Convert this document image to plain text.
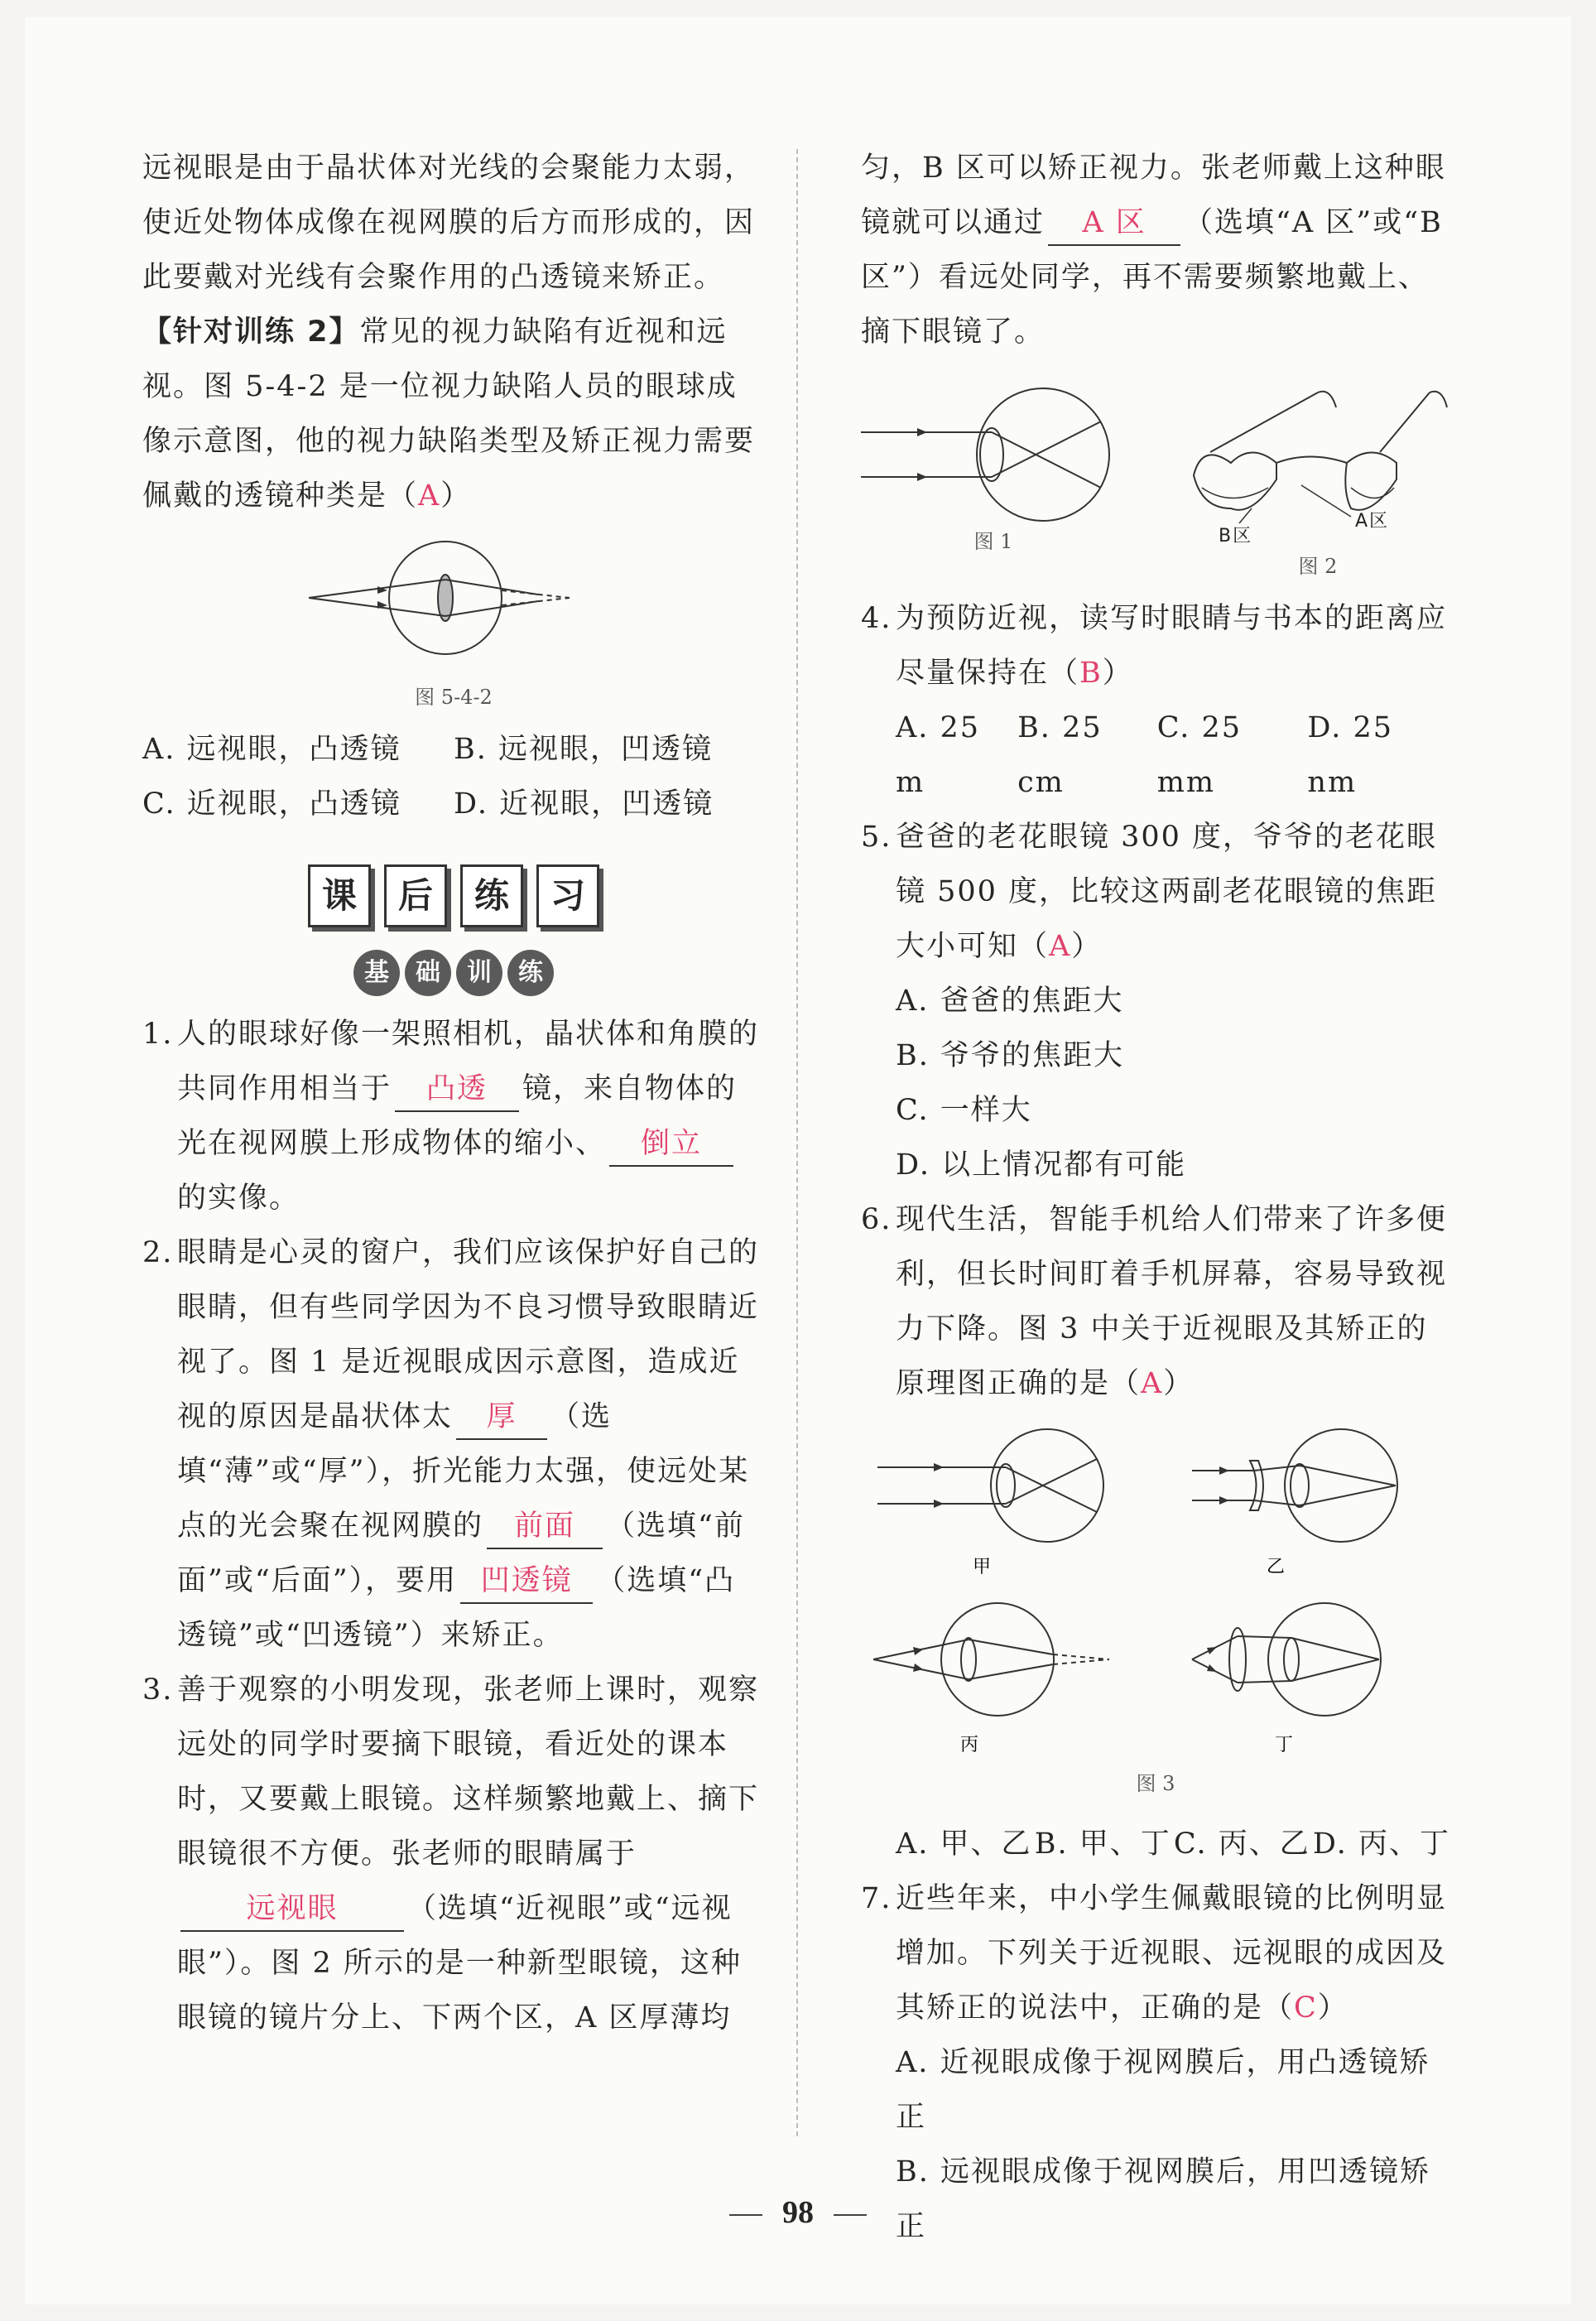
远视眼是由于晶状体对光线的会聚能力太弱，使近处物体成像在视网膜的后方而形成的，因此要戴对光线有会聚作用的凸透镜来矫正。

【针对训练 2】常见的视力缺陷有近视和远视。图 5-4-2 是一位视力缺陷人员的眼球成像示意图，他的视力缺陷类型及矫正视力需要佩戴的透镜种类是（A）

图 5-4-2
A. 远视眼，凸透镜	B. 远视眼，凹透镜
C. 近视眼，凸透镜	D. 近视眼，凹透镜
课 后 练 习
基 础 训 练

1. 人的眼球好像一架照相机，晶状体和角膜的共同作用相当于 凸透 镜，来自物体的光在视网膜上形成物体的缩小、 倒立的实像。

2. 眼睛是心灵的窗户，我们应该保护好自己的眼睛，但有些同学因为不良习惯导致眼睛近视了。图 1 是近视眼成因示意图，造成近视的原因是晶状体太 厚 （选填“薄”或“厚”），折光能力太强，使远处某点的光会聚在视网膜的 前面 （选填“前面”或“后面”），要用 凹透镜 （选填“凸透镜”或“凹透镜”）来矫正。

3. 善于观察的小明发现，张老师上课时，观察远处的同学时要摘下眼镜，看近处的课本时，又要戴上眼镜。这样频繁地戴上、摘下眼镜很不方便。张老师的眼睛属于远视眼 （选填“近视眼”或“远视眼”）。图 2 所示的是一种新型眼镜，这种眼镜的镜片分上、下两个区，A 区厚薄均

匀，B 区可以矫正视力。张老师戴上这种眼镜就可以通过 A 区 （选填“A 区”或“B 区”）看远处同学，再不需要频繁地戴上、摘下眼镜了。

图 1	B区
A区
图 2

4. 为预防近视，读写时眼睛与书本的距离应尽量保持在（B）

A. 25 m
B. 25 cm
C. 25 mm
D. 25 nm

5. 爸爸的老花眼镜 300 度，爷爷的老花眼镜 500 度，比较这两副老花眼镜的焦距大小可知（A）

A. 爸爸的焦距大

B. 爷爷的焦距大

C. 一样大

D. 以上情况都有可能

6. 现代生活，智能手机给人们带来了许多便利，但长时间盯着手机屏幕，容易导致视力下降。图 3 中关于近视眼及其矫正的原理图正确的是（A）

甲	乙
丙	丁
图 3
A. 甲、乙 B. 甲、丁 C. 丙、乙 D. 丙、丁

7. 近些年来，中小学生佩戴眼镜的比例明显增加。下列关于近视眼、远视眼的成因及其矫正的说法中，正确的是（C）

A. 近视眼成像于视网膜后，用凸透镜矫正

B. 远视眼成像于视网膜后，用凹透镜矫正

98
